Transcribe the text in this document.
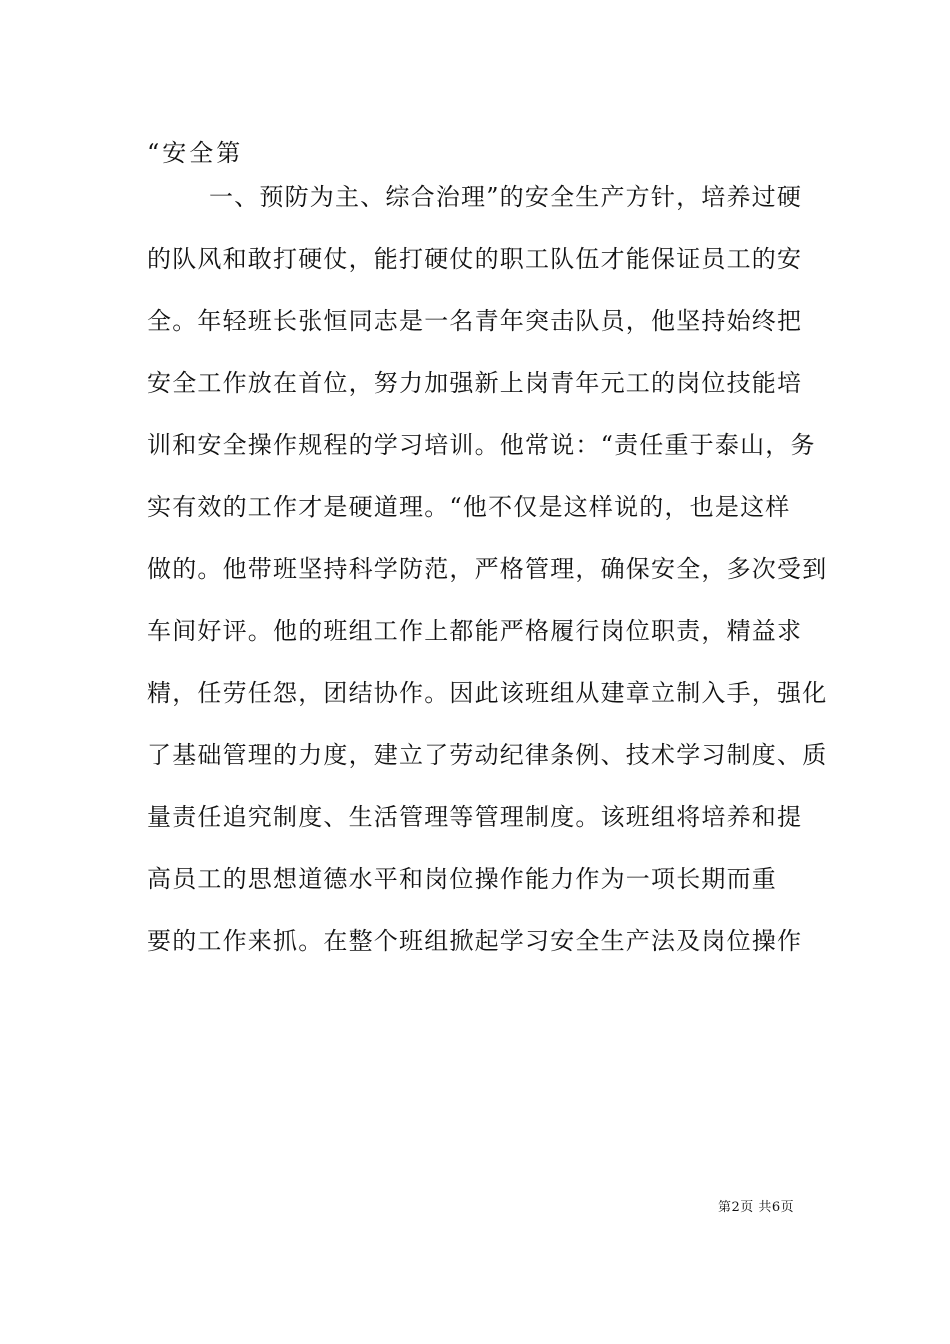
“安全第
一、预防为主、综合治理”的安全生产方针，培养过硬
的队风和敢打硬仗，能打硬仗的职工队伍才能保证员工的安
全。年轻班长张恒同志是一名青年突击队员，他坚持始终把
安全工作放在首位，努力加强新上岗青年元工的岗位技能培
训和安全操作规程的学习培训。他常说：“责任重于泰山，务
实有效的工作才是硬道理。“他不仅是这样说的，也是这样
做的。他带班坚持科学防范，严格管理，确保安全，多次受到
车间好评。他的班组工作上都能严格履行岗位职责，精益求
精，任劳任怨，团结协作。因此该班组从建章立制入手，强化
了基础管理的力度，建立了劳动纪律条例、技术学习制度、质
量责任追究制度、生活管理等管理制度。该班组将培养和提
高员工的思想道德水平和岗位操作能力作为一项长期而重
要的工作来抓。在整个班组掀起学习安全生产法及岗位操作
第2页 共6页
